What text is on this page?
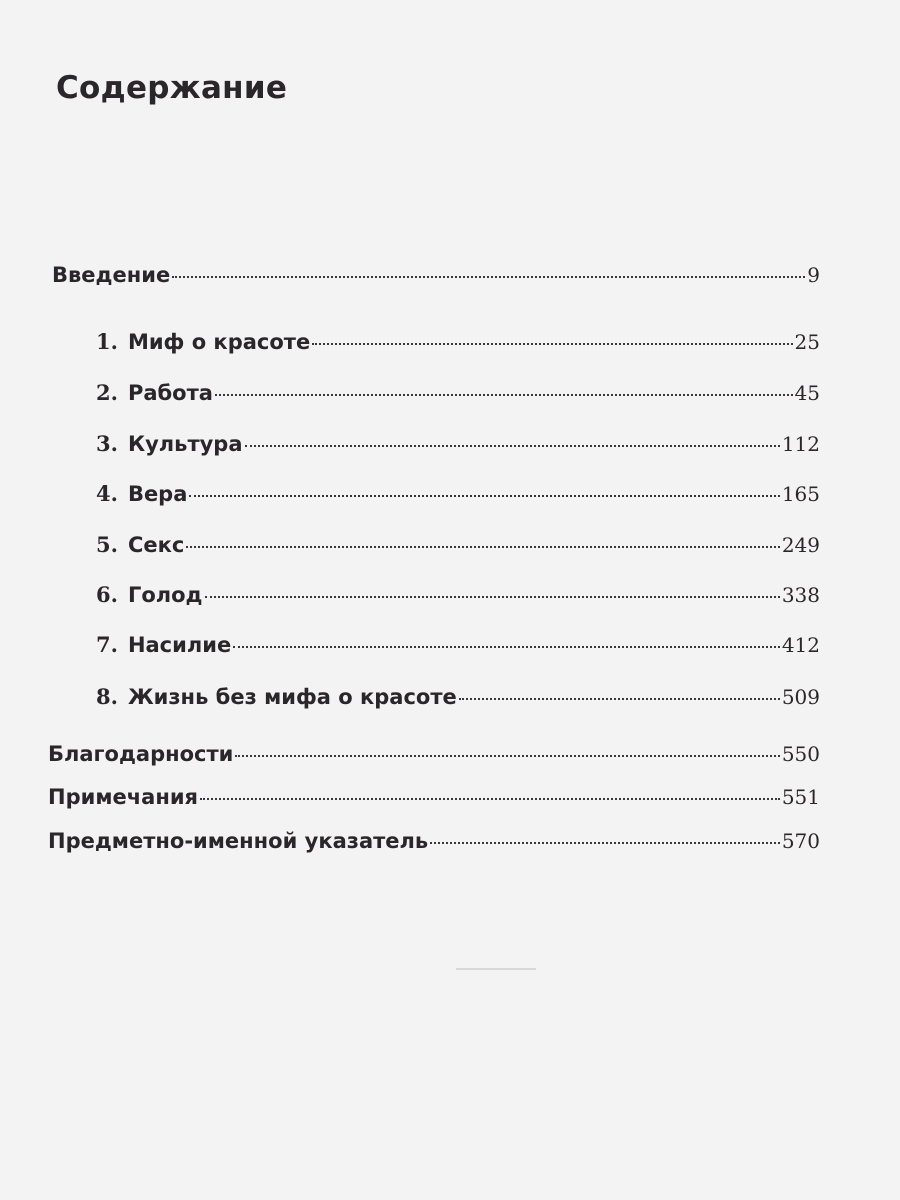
Содержание
Введение	9
1. Миф о красоте	25
2. Работа	45
3. Культура	112
4. Вера	165
5. Секс	249
6. Голод	338
7. Насилие	412
8. Жизнь без мифа о красоте	509
Благодарности	550
Примечания	551
Предметно-именной указатель	570
